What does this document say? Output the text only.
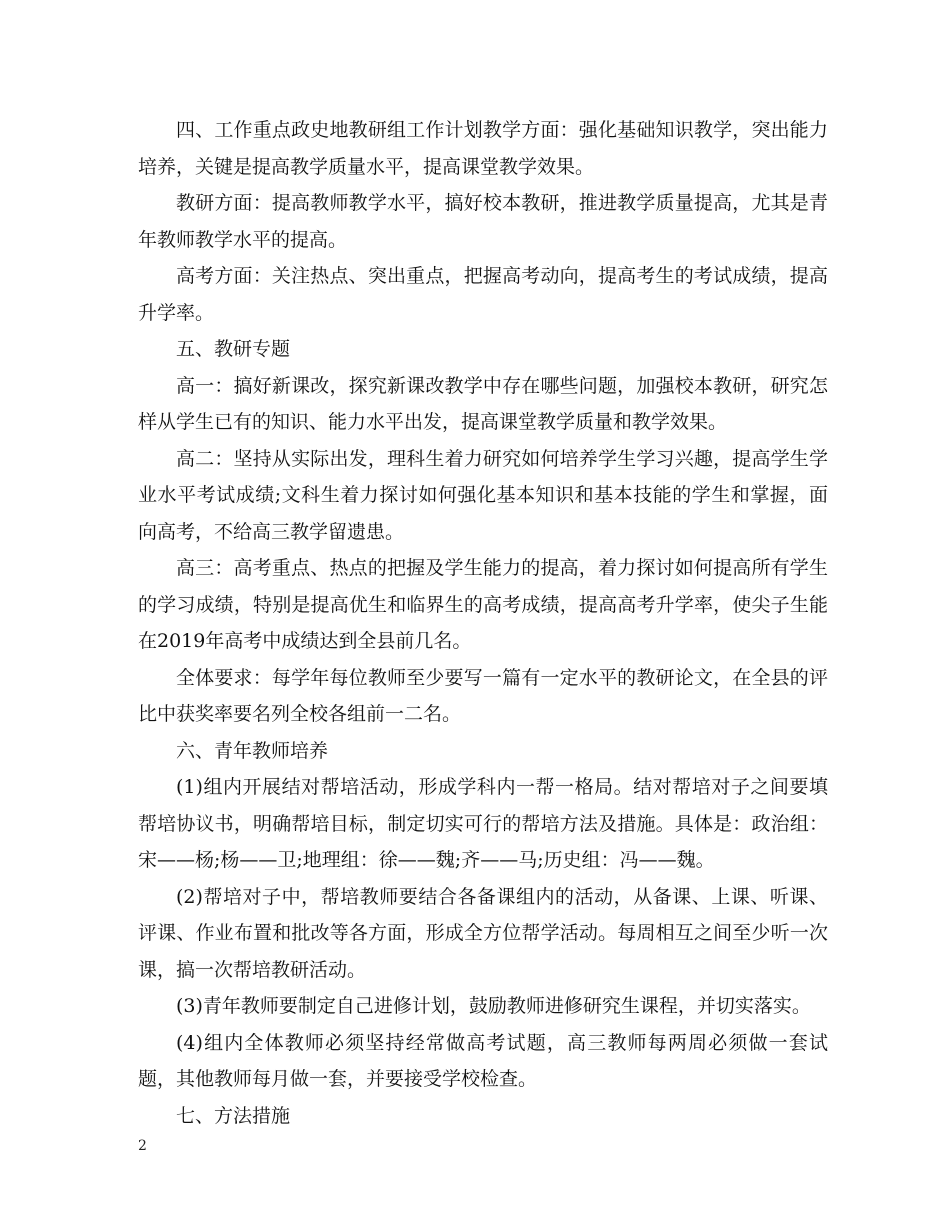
四、工作重点政史地教研组工作计划教学方面：强化基础知识教学，突出能力培养，关键是提高教学质量水平，提高课堂教学效果。

教研方面：提高教师教学水平，搞好校本教研，推进教学质量提高，尤其是青年教师教学水平的提高。

高考方面：关注热点、突出重点，把握高考动向，提高考生的考试成绩，提高升学率。

五、教研专题

高一：搞好新课改，探究新课改教学中存在哪些问题，加强校本教研，研究怎样从学生已有的知识、能力水平出发，提高课堂教学质量和教学效果。

高二：坚持从实际出发，理科生着力研究如何培养学生学习兴趣，提高学生学业水平考试成绩;文科生着力探讨如何强化基本知识和基本技能的学生和掌握，面向高考，不给高三教学留遗患。

高三：高考重点、热点的把握及学生能力的提高，着力探讨如何提高所有学生的学习成绩，特别是提高优生和临界生的高考成绩，提高高考升学率，使尖子生能在2019年高考中成绩达到全县前几名。

全体要求：每学年每位教师至少要写一篇有一定水平的教研论文，在全县的评比中获奖率要名列全校各组前一二名。

六、青年教师培养

(1)组内开展结对帮培活动，形成学科内一帮一格局。结对帮培对子之间要填帮培协议书，明确帮培目标，制定切实可行的帮培方法及措施。具体是：政治组：宋——杨;杨——卫;地理组：徐——魏;齐——马;历史组：冯——魏。

(2)帮培对子中，帮培教师要结合各备课组内的活动，从备课、上课、听课、评课、作业布置和批改等各方面，形成全方位帮学活动。每周相互之间至少听一次课，搞一次帮培教研活动。

(3)青年教师要制定自己进修计划，鼓励教师进修研究生课程，并切实落实。

(4)组内全体教师必须坚持经常做高考试题，高三教师每两周必须做一套试题，其他教师每月做一套，并要接受学校检查。

七、方法措施

2
